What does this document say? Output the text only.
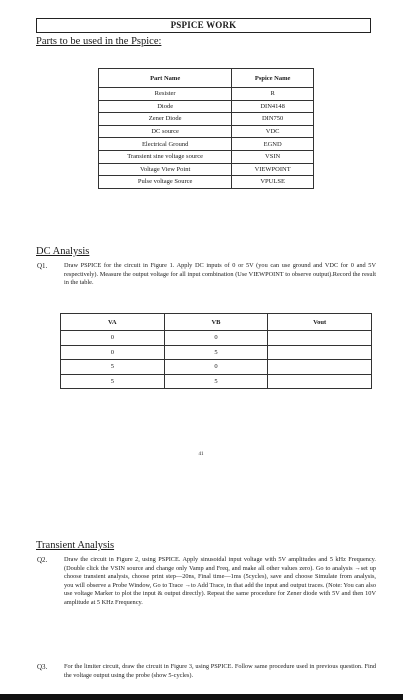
PSPICE WORK
Parts to be used in the Pspice:
Part Name	Pspice Name
Resister	R
Diode	DIN4148
Zener Diode	DIN750
DC source	VDC
Electrical Ground	EGND
Transient sine voltage source	VSIN
Voltage View Point	VIEWPOINT
Pulse voltage Source	VPULSE
DC Analysis
Q1.	Draw PSPICE for the circuit in Figure 1. Apply DC inputs of 0 or 5V (you can use ground and VDC for 0 and 5V respectively). Measure the output voltage for all input combination (Use VIEWPOINT to observe output).Record the result in the table.
VA	VB	Vout
0	0	
0	5	
5	0	
5	5	
41
Transient Analysis
Q2.	Draw the circuit in Figure 2, using PSPICE. Apply sinusoidal input voltage with 5V amplitudes and 5 kHz Frequency. (Double click the VSIN source and change only Vamp and Freq, and make all other values zero). Go to analysis →set up choose transient analysis, choose print step—20ns, Final time—1ms (5cycles), save and choose Simulate from analysis, you will observe a Probe Window, Go to Trace →to Add Trace, in that add the input and output traces. (Note: You can also use voltage Marker to plot the input & output directly). Repeat the same procedure for Zener diode with 5V and then 10V amplitude at 5 KHz Frequency.
Q3.	For the limiter circuit, draw the circuit in Figure 3, using PSPICE. Follow same procedure used in previous question. Find the voltage output using the probe (show 5-cycles).
